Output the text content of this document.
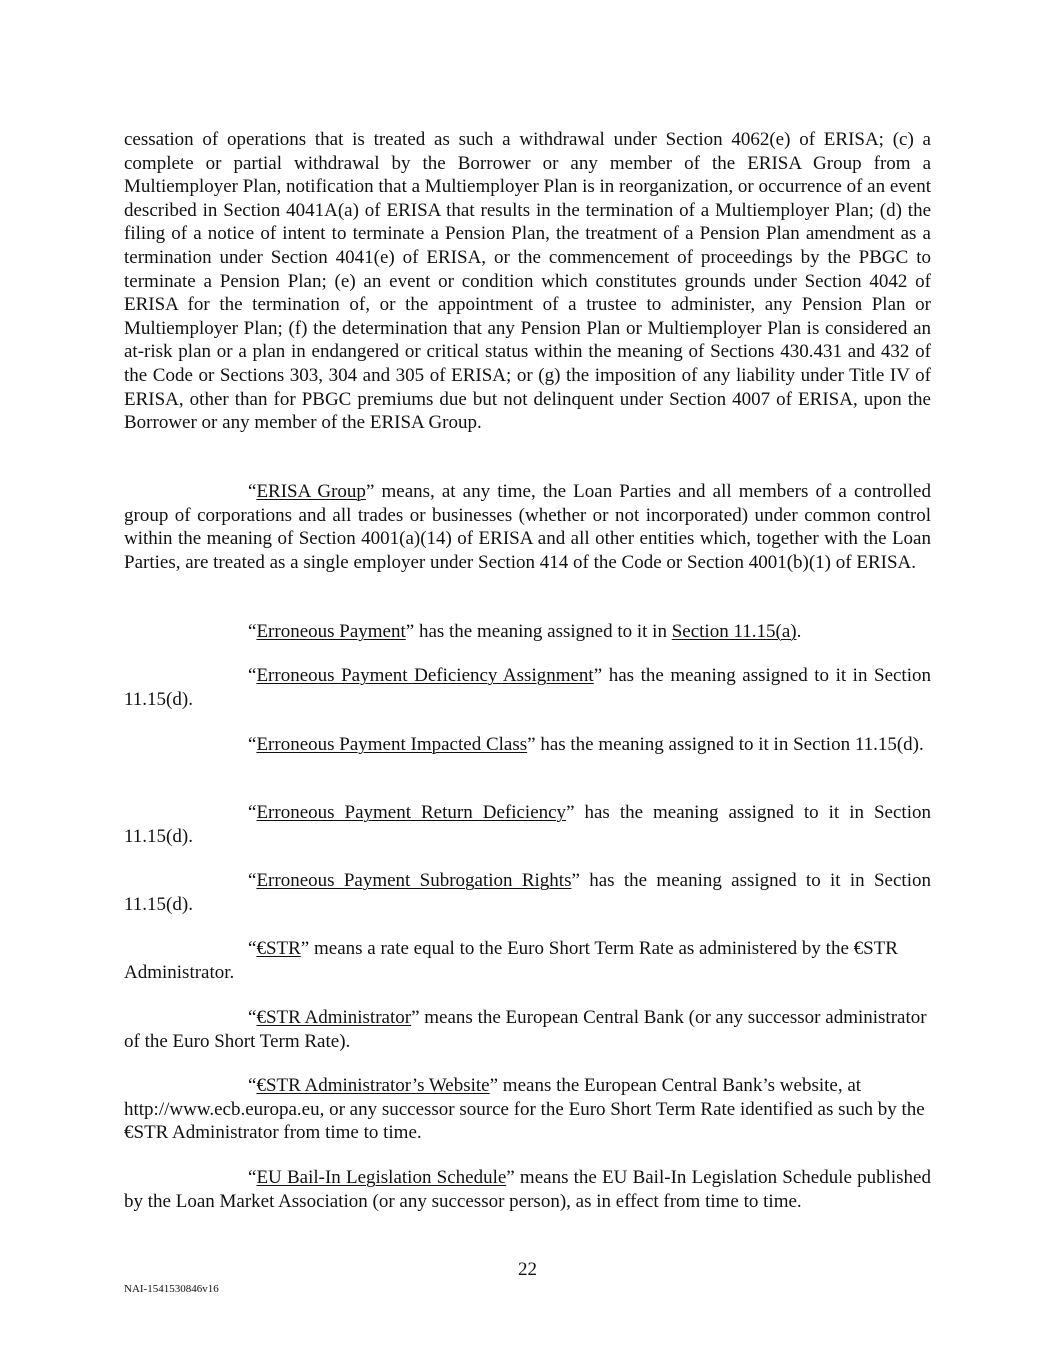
cessation of operations that is treated as such a withdrawal under Section 4062(e) of ERISA; (c) a complete or partial withdrawal by the Borrower or any member of the ERISA Group from a Multiemployer Plan, notification that a Multiemployer Plan is in reorganization, or occurrence of an event described in Section 4041A(a) of ERISA that results in the termination of a Multiemployer Plan; (d) the filing of a notice of intent to terminate a Pension Plan, the treatment of a Pension Plan amendment as a termination under Section 4041(e) of ERISA, or the commencement of proceedings by the PBGC to terminate a Pension Plan; (e) an event or condition which constitutes grounds under Section 4042 of ERISA for the termination of, or the appointment of a trustee to administer, any Pension Plan or Multiemployer Plan; (f) the determination that any Pension Plan or Multiemployer Plan is considered an at-risk plan or a plan in endangered or critical status within the meaning of Sections 430.431 and 432 of the Code or Sections 303, 304 and 305 of ERISA; or (g) the imposition of any liability under Title IV of ERISA, other than for PBGC premiums due but not delinquent under Section 4007 of ERISA, upon the Borrower or any member of the ERISA Group.

“ERISA Group” means, at any time, the Loan Parties and all members of a controlled group of corporations and all trades or businesses (whether or not incorporated) under common control within the meaning of Section 4001(a)(14) of ERISA and all other entities which, together with the Loan Parties, are treated as a single employer under Section 414 of the Code or Section 4001(b)(1) of ERISA.

“Erroneous Payment” has the meaning assigned to it in Section 11.15(a).

“Erroneous Payment Deficiency Assignment” has the meaning assigned to it in Section 11.15(d).

“Erroneous Payment Impacted Class” has the meaning assigned to it in Section 11.15(d).

“Erroneous Payment Return Deficiency” has the meaning assigned to it in Section 11.15(d).

“Erroneous Payment Subrogation Rights” has the meaning assigned to it in Section 11.15(d).

“€STR” means a rate equal to the Euro Short Term Rate as administered by the €STR Administrator.

“€STR Administrator” means the European Central Bank (or any successor administrator of the Euro Short Term Rate).

“€STR Administrator’s Website” means the European Central Bank’s website, at http://www.ecb.europa.eu, or any successor source for the Euro Short Term Rate identified as such by the €STR Administrator from time to time.

“EU Bail-In Legislation Schedule” means the EU Bail-In Legislation Schedule published by the Loan Market Association (or any successor person), as in effect from time to time.

22
NAI-1541530846v16
